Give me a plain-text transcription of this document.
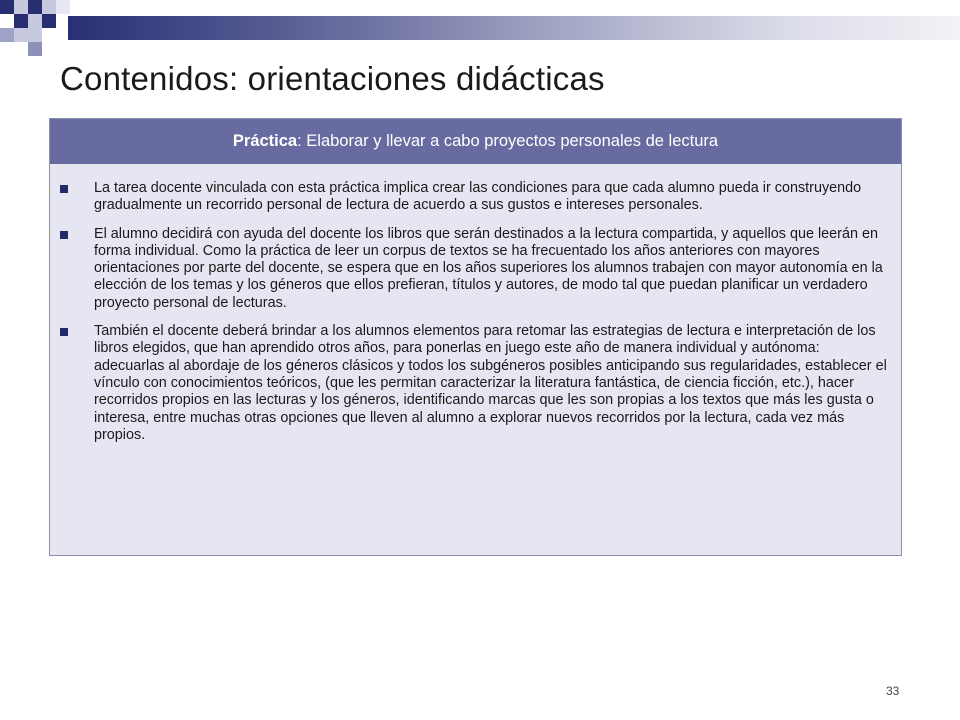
Contenidos: orientaciones didácticas
Práctica : Elaborar y llevar a cabo proyectos personales de lectura
La tarea docente vinculada con esta práctica implica crear las condiciones para que cada alumno pueda ir construyendo gradualmente un recorrido personal de lectura de acuerdo a sus gustos e intereses personales.
El alumno decidirá con ayuda del docente los libros que serán destinados a la lectura compartida, y aquellos que leerán en forma individual. Como la práctica de leer un corpus de textos se ha frecuentado los años anteriores con mayores orientaciones por parte del docente, se espera que en los años superiores los alumnos trabajen con mayor autonomía en la elección de los temas y los géneros que ellos prefieran, títulos y autores, de modo tal que puedan planificar un verdadero proyecto personal de lecturas.
También el docente deberá brindar a los alumnos elementos para retomar las estrategias de lectura e interpretación de los libros elegidos, que han aprendido otros años, para ponerlas en juego este año de manera individual y autónoma: adecuarlas al abordaje de los géneros clásicos y todos los subgéneros posibles anticipando sus regularidades, establecer el vínculo con conocimientos teóricos, (que les permitan caracterizar la literatura fantástica, de ciencia ficción, etc.), hacer recorridos propios en las lecturas y los géneros, identificando marcas que les son propias a los textos que más les gusta o interesa, entre muchas otras opciones que lleven al alumno a explorar nuevos recorridos por la lectura, cada vez más propios.
33
